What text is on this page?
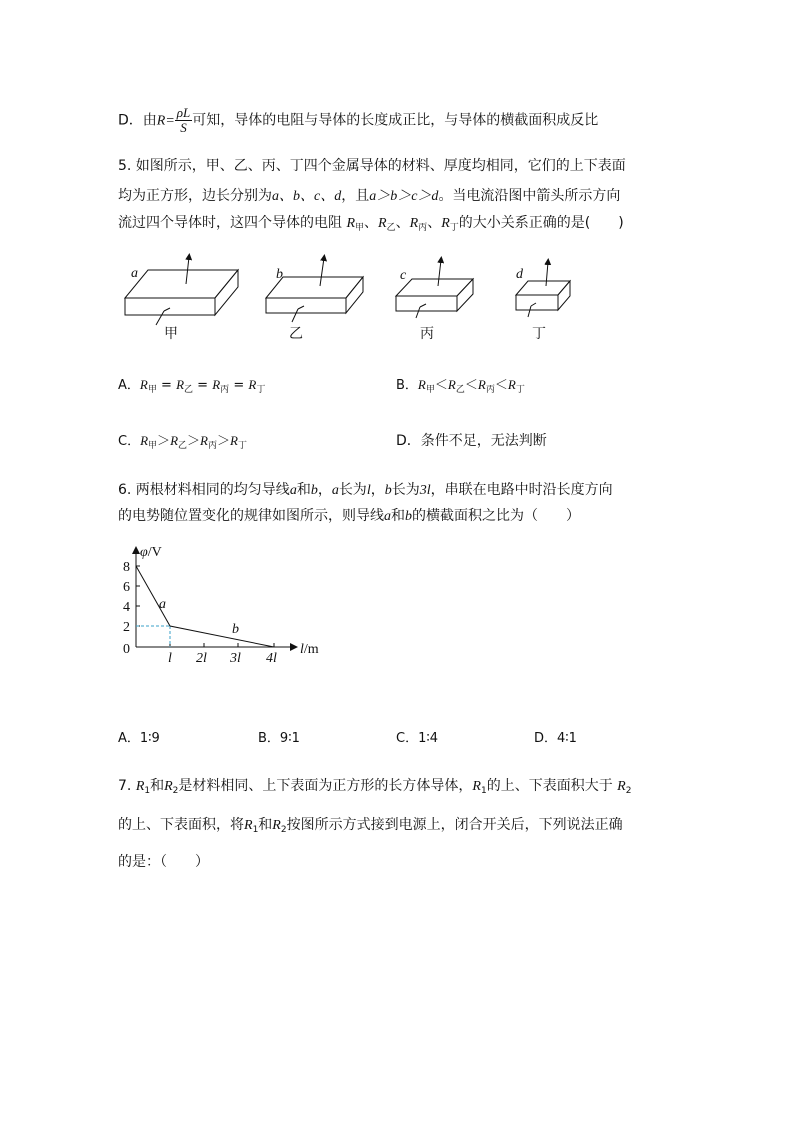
D．由$R= \frac{\rho L}{S}$ 可知，导体的电阻与导体的长度成正比，与导体的横截面积成反比
5. 如图所示，甲、乙、丙、丁四个金属导体的材料、厚度均相同，它们的上下表面
均为正方形，边长分别为a、b、c、d，且a＞b＞c＞d。当电流沿图中箭头所示方向
流过四个导体时，这四个导体的电阻 $R_甲$、$R_乙$、$R_丙$、$R_丁$的大小关系正确的是(　　)
a	b	c	d
甲	乙	丙	丁
A．$R_甲 = R_乙 = R_丙 = R_丁$	B．$R_甲<R_乙<R_丙<R_丁$
C．$R_甲>R_乙>R_丙>R_丁$	D．条件不足，无法判断
6. 两根材料相同的均匀导线a和b，a长为l，b长为3l，串联在电路中时沿长度方向
的电势随位置变化的规律如图所示，则导线a和b的横截面积之比为（　　）
φ/V
8
6
4
2
0
l 2l 3l 4l
l/m
a
b
A．1∶9	B．9∶1	C．1∶4	D．4∶1
7. $R_1$和$R_2$是材料相同、上下表面为正方形的长方体导体，$R_1$的上、下表面积大于 $R_2$
的上、下表面积，将$R_1$和$R_2$按图所示方式接到电源上，闭合开关后，下列说法正确
的是：（　　）
